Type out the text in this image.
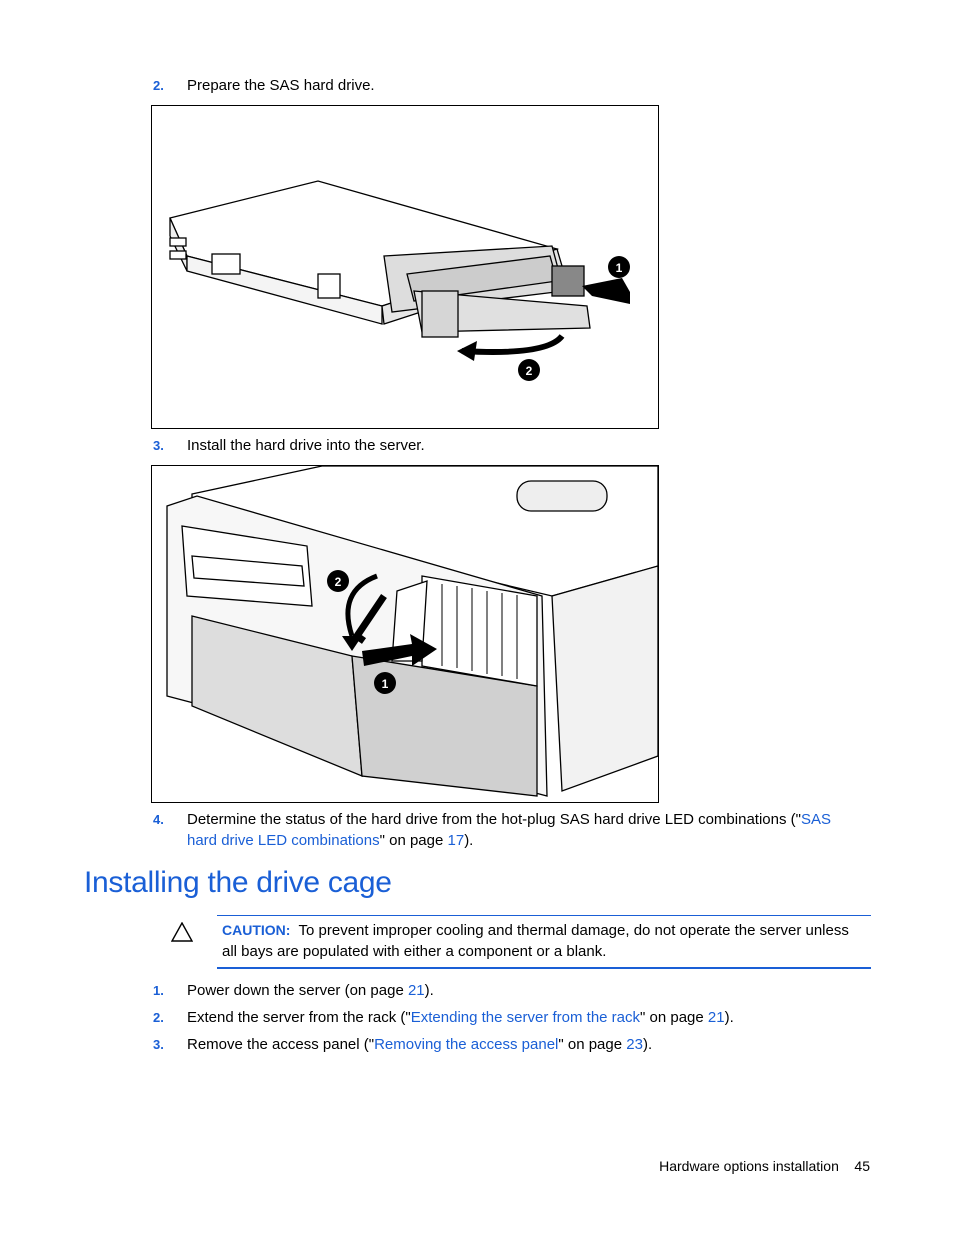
2. Prepare the SAS hard drive.
1
2
3. Install the hard drive into the server.
2
1
4. Determine the status of the hard drive from the hot-plug SAS hard drive LED combinations ("SAS
hard drive LED combinations" on page 17).
Installing the drive cage
CAUTION: To prevent improper cooling and thermal damage, do not operate the server unless
all bays are populated with either a component or a blank.
1. Power down the server (on page 21).
2. Extend the server from the rack ("Extending the server from the rack" on page 21).
3. Remove the access panel ("Removing the access panel" on page 23).
Hardware options installation 45
